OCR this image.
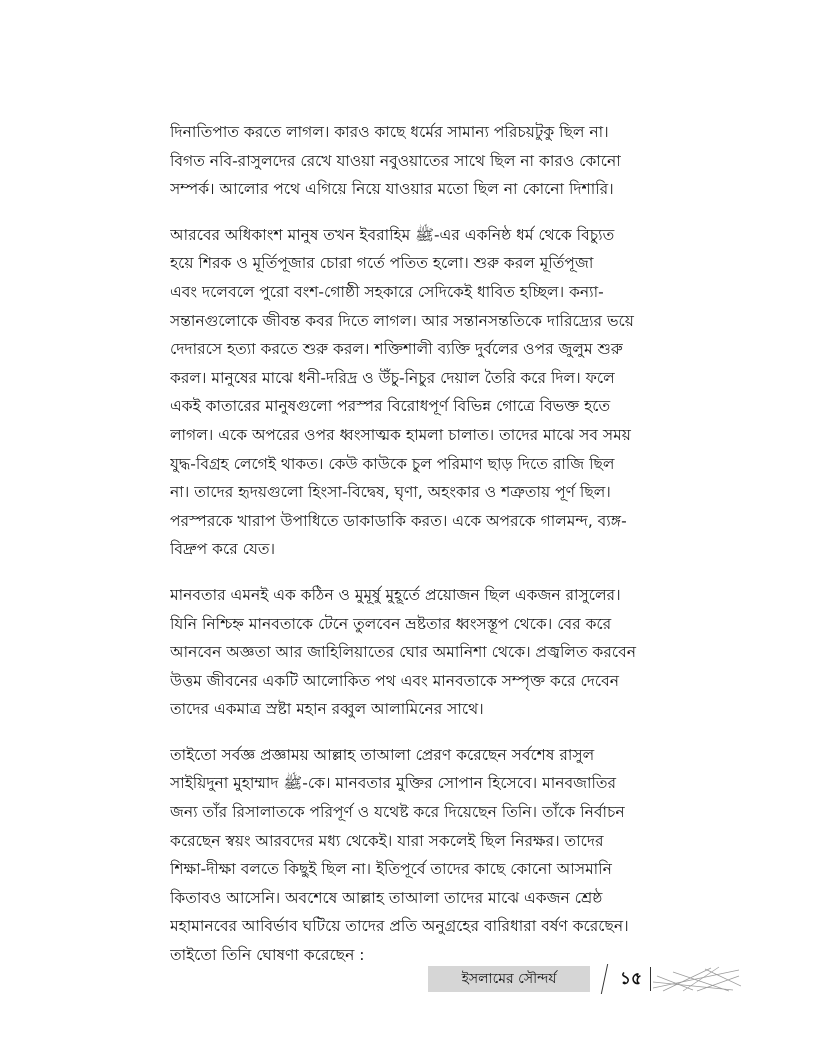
দিনাতিপাত করতে লাগল। কারও কাছে ধর্মের সামান্য পরিচয়টুকু ছিল না।
বিগত নবি-রাসুলদের রেখে যাওয়া নবুওয়াতের সাথে ছিল না কারও কোনো
সম্পর্ক। আলোর পথে এগিয়ে নিয়ে যাওয়ার মতো ছিল না কোনো দিশারি।

আরবের অধিকাংশ মানুষ তখন ইবরাহিম ﷺ-এর একনিষ্ঠ ধর্ম থেকে বিচ্যুত
হয়ে শিরক ও মূর্তিপূজার চোরা গর্তে পতিত হলো। শুরু করল মূর্তিপূজা
এবং দলেবলে পুরো বংশ-গোষ্ঠী সহকারে সেদিকেই ধাবিত হচ্ছিল। কন্যা-
সন্তানগুলোকে জীবন্ত কবর দিতে লাগল। আর সন্তানসন্ততিকে দারিদ্র্যের ভয়ে
দেদারসে হত্যা করতে শুরু করল। শক্তিশালী ব্যক্তি দুর্বলের ওপর জুলুম শুরু
করল। মানুষের মাঝে ধনী-দরিদ্র ও উঁচু-নিচুর দেয়াল তৈরি করে দিল। ফলে
একই কাতারের মানুষগুলো পরস্পর বিরোধপূর্ণ বিভিন্ন গোত্রে বিভক্ত হতে
লাগল। একে অপরের ওপর ধ্বংসাত্মক হামলা চালাত। তাদের মাঝে সব সময়
যুদ্ধ-বিগ্রহ লেগেই থাকত। কেউ কাউকে চুল পরিমাণ ছাড় দিতে রাজি ছিল
না। তাদের হৃদয়গুলো হিংসা-বিদ্বেষ, ঘৃণা, অহংকার ও শত্রুতায় পূর্ণ ছিল।
পরস্পরকে খারাপ উপাধিতে ডাকাডাকি করত। একে অপরকে গালমন্দ, ব্যঙ্গ-
বিদ্রুপ করে যেত।

মানবতার এমনই এক কঠিন ও মুমূর্ষু মুহূর্তে প্রয়োজন ছিল একজন রাসুলের।
যিনি নিশ্চিহ্ন মানবতাকে টেনে তুলবেন ভ্রষ্টতার ধ্বংসস্তূপ থেকে। বের করে
আনবেন অজ্ঞতা আর জাহিলিয়াতের ঘোর অমানিশা থেকে। প্রজ্বলিত করবেন
উত্তম জীবনের একটি আলোকিত পথ এবং মানবতাকে সম্পৃক্ত করে দেবেন
তাদের একমাত্র স্রষ্টা মহান রব্বুল আলামিনের সাথে।

তাইতো সর্বজ্ঞ প্রজ্ঞাময় আল্লাহ তাআলা প্রেরণ করেছেন সর্বশেষ রাসুল
সাইয়িদুনা মুহাম্মাদ ﷺ-কে। মানবতার মুক্তির সোপান হিসেবে। মানবজাতির
জন্য তাঁর রিসালাতকে পরিপূর্ণ ও যথেষ্ট করে দিয়েছেন তিনি। তাঁকে নির্বাচন
করেছেন স্বয়ং আরবদের মধ্য থেকেই। যারা সকলেই ছিল নিরক্ষর। তাদের
শিক্ষা-দীক্ষা বলতে কিছুই ছিল না। ইতিপূর্বে তাদের কাছে কোনো আসমানি
কিতাবও আসেনি। অবশেষে আল্লাহ তাআলা তাদের মাঝে একজন শ্রেষ্ঠ
মহামানবের আবির্ভাব ঘটিয়ে তাদের প্রতি অনুগ্রহের বারিধারা বর্ষণ করেছেন।
তাইতো তিনি ঘোষণা করেছেন :

ইসলামের সৌন্দর্য	১৫
